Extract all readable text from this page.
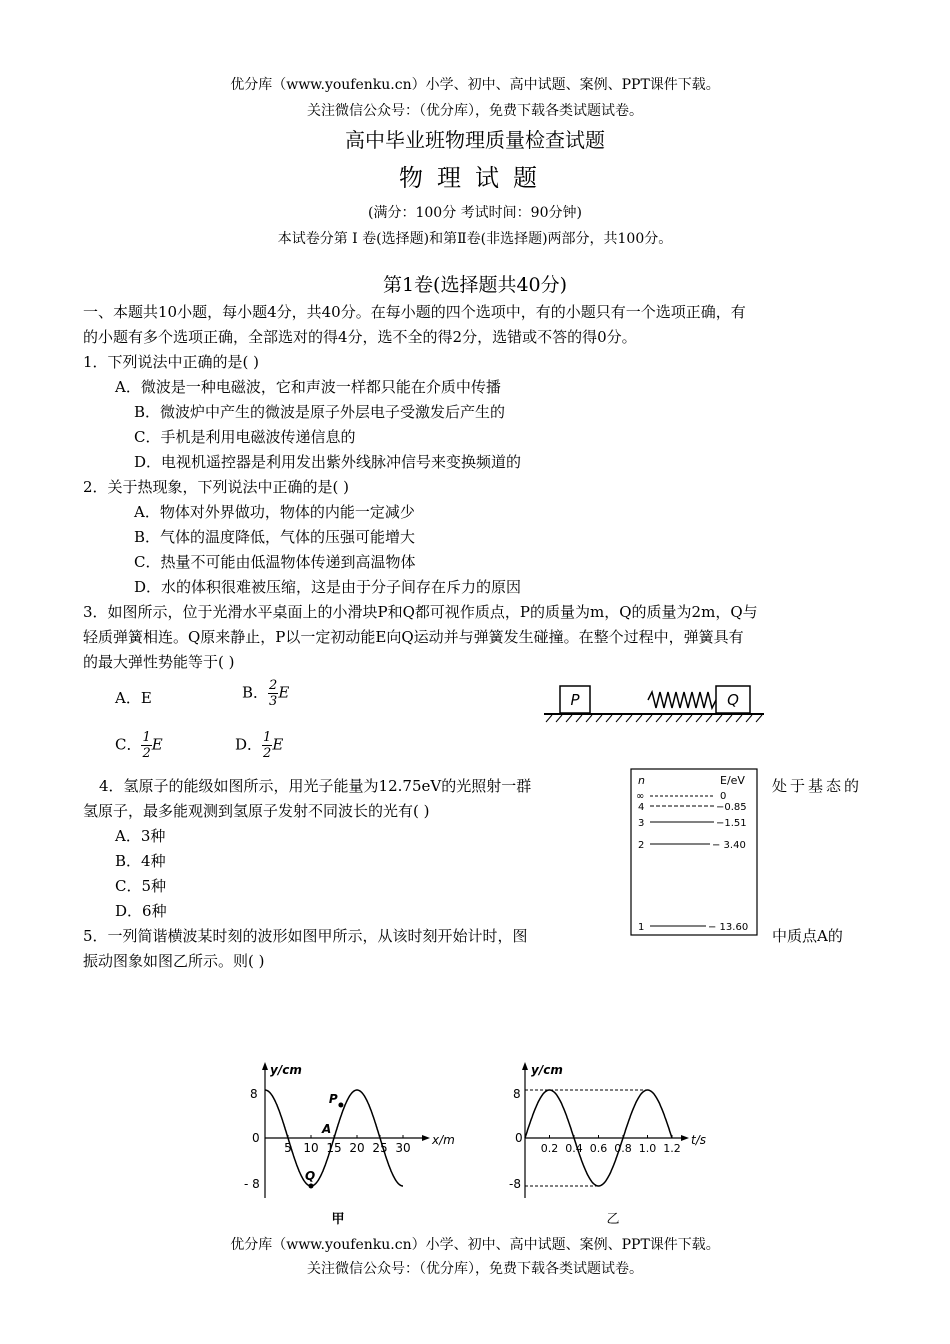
优分库（www.youfenku.cn）小学、初中、高中试题、案例、PPT课件下载。
关注微信公众号：（优分库），免费下载各类试题试卷。
高中毕业班物理质量检查试题
物理试题
(满分：100分 考试时间：90分钟)
本试卷分第 Ⅰ 卷(选择题)和第Ⅱ卷(非选择题)两部分，共100分。
第1卷(选择题共40分)
一、本题共10小题，每小题4分，共40分。在每小题的四个选项中，有的小题只有一个选项正确，有
的小题有多个选项正确，全部选对的得4分，选不全的得2分，选错或不答的得0分。
1．下列说法中正确的是( )
A．微波是一种电磁波，它和声波一样都只能在介质中传播
B．微波炉中产生的微波是原子外层电子受激发后产生的
C．手机是利用电磁波传递信息的
D．电视机遥控器是利用发出紫外线脉冲信号来变换频道的
2．关于热现象，下列说法中正确的是( )
A．物体对外界做功，物体的内能一定减少
B．气体的温度降低，气体的压强可能增大
C．热量不可能由低温物体传递到高温物体
D．水的体积很难被压缩，这是由于分子间存在斥力的原因
3．如图所示，位于光滑水平桌面上的小滑块P和Q都可视作质点，P的质量为m，Q的质量为2m，Q与
轻质弹簧相连。Q原来静止，P以一定初动能E向Q运动并与弹簧发生碰撞。在整个过程中，弹簧具有
的最大弹性势能等于( )
A．E	B． $\frac{2}{3}$ E
C． $\frac{1}{2}$ E	D． $\frac{1}{2}$ E
P	Q
4．氢原子的能级如图所示，用光子能量为12.75eV的光照射一群	处于基态的
氢原子，最多能观测到氢原子发射不同波长的光有( )
A．3种
B．4种
C．5种
D．6种
n	E/eV
∞	0
4	−0.85
3	−1.51
2	− 3.40
1	− 13.60
5．一列简谐横波某时刻的波形如图甲所示，从该时刻开始计时，图	中质点A的
振动图象如图乙所示。则( )
y/cm
x/m
8
0
- 8
5 10 15 20 25 30
P
A
Q
甲
y/cm
t/s
8
0
-8
0.2 0.4 0.6 0.8 1.0 1.2
乙
优分库（www.youfenku.cn）小学、初中、高中试题、案例、PPT课件下载。
关注微信公众号：（优分库），免费下载各类试题试卷。
